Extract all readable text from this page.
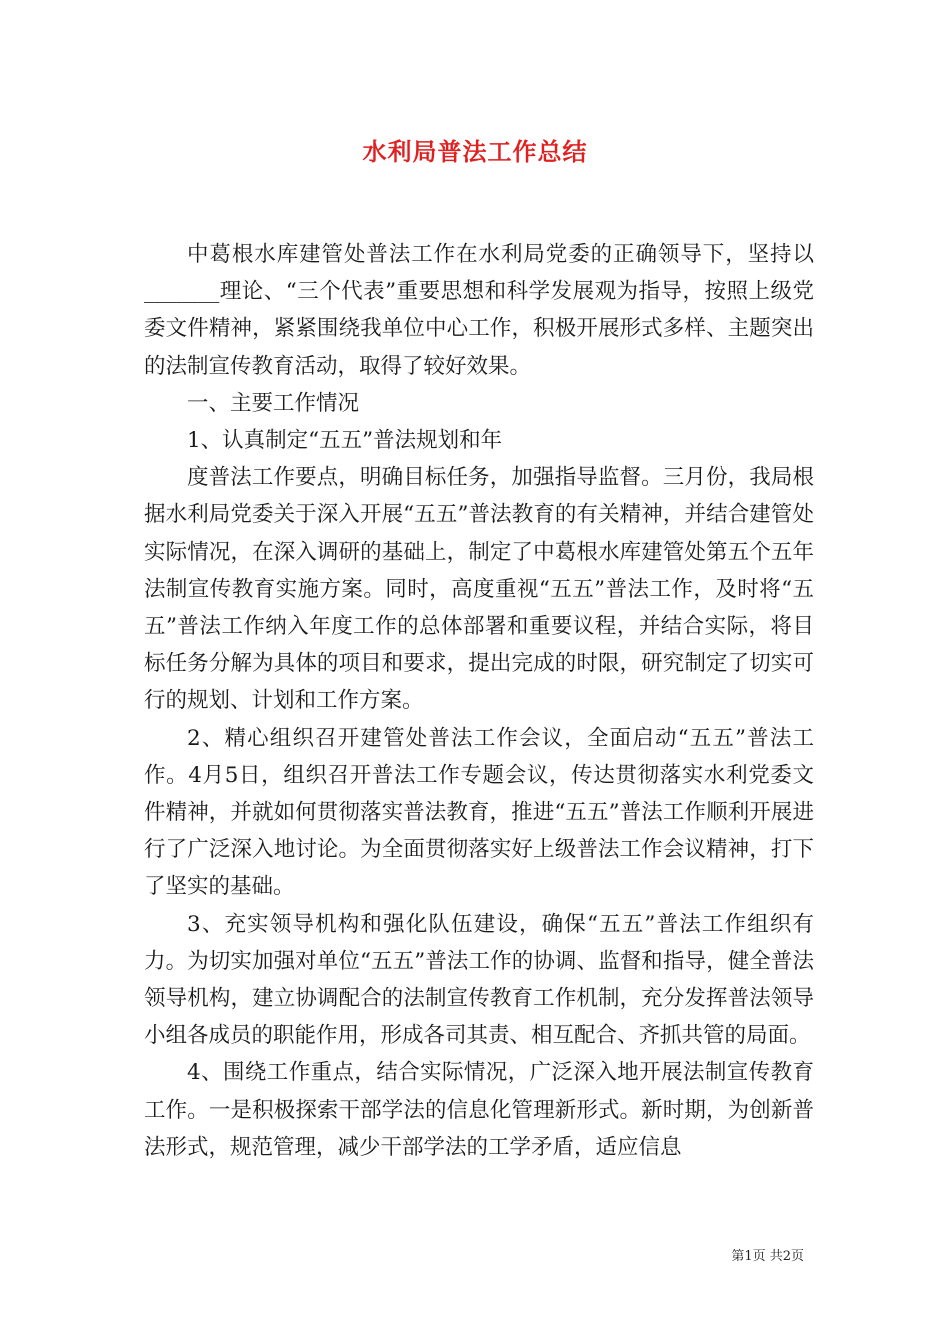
水利局普法工作总结

中葛根水库建管处普法工作在水利局党委的正确领导下，坚持以_______理论、“三个代表”重要思想和科学发展观为指导，按照上级党委文件精神，紧紧围绕我单位中心工作，积极开展形式多样、主题突出的法制宣传教育活动，取得了较好效果。

一、主要工作情况

1、认真制定“五五”普法规划和年

度普法工作要点，明确目标任务，加强指导监督。三月份，我局根据水利局党委关于深入开展“五五”普法教育的有关精神，并结合建管处实际情况，在深入调研的基础上，制定了中葛根水库建管处第五个五年法制宣传教育实施方案。同时，高度重视“五五”普法工作，及时将“五五”普法工作纳入年度工作的总体部署和重要议程，并结合实际，将目标任务分解为具体的项目和要求，提出完成的时限，研究制定了切实可行的规划、计划和工作方案。

2、精心组织召开建管处普法工作会议，全面启动“五五”普法工作。4月5日，组织召开普法工作专题会议，传达贯彻落实水利党委文件精神，并就如何贯彻落实普法教育，推进“五五”普法工作顺利开展进行了广泛深入地讨论。为全面贯彻落实好上级普法工作会议精神，打下了坚实的基础。

3、充实领导机构和强化队伍建设，确保“五五”普法工作组织有力。为切实加强对单位“五五”普法工作的协调、监督和指导，健全普法领导机构，建立协调配合的法制宣传教育工作机制，充分发挥普法领导小组各成员的职能作用，形成各司其责、相互配合、齐抓共管的局面。

4、围绕工作重点，结合实际情况，广泛深入地开展法制宣传教育工作。一是积极探索干部学法的信息化管理新形式。新时期，为创新普法形式，规范管理，减少干部学法的工学矛盾，适应信息

第1页 共2页
